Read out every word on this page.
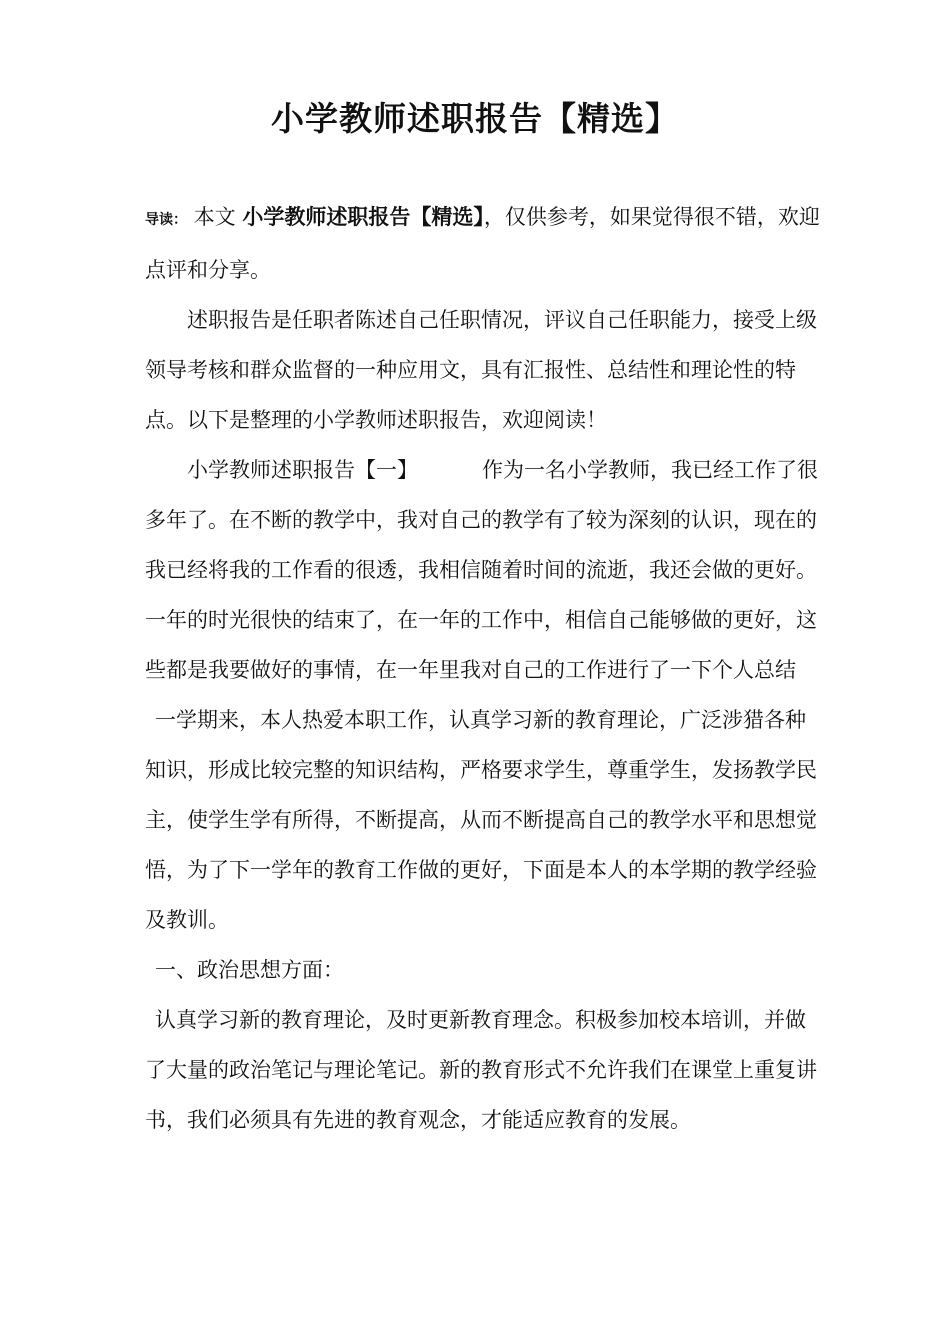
小学教师述职报告【精选】

导读： 本文 小学教师述职报告【精选】，仅供参考，如果觉得很不错，欢迎点评和分享。

述职报告是任职者陈述自己任职情况，评议自己任职能力，接受上级领导考核和群众监督的一种应用文，具有汇报性、总结性和理论性的特点。以下是整理的小学教师述职报告，欢迎阅读！

小学教师述职报告【一】	作为一名小学教师，我已经工作了很多年了。在不断的教学中，我对自己的教学有了较为深刻的认识，现在的我已经将我的工作看的很透，我相信随着时间的流逝，我还会做的更好。一年的时光很快的结束了，在一年的工作中，相信自己能够做的更好，这些都是我要做好的事情，在一年里我对自己的工作进行了一下个人总结

一学期来，本人热爱本职工作，认真学习新的教育理论，广泛涉猎各种知识，形成比较完整的知识结构，严格要求学生，尊重学生，发扬教学民主，使学生学有所得，不断提高，从而不断提高自己的教学水平和思想觉悟，为了下一学年的教育工作做的更好，下面是本人的本学期的教学经验及教训。

一、政治思想方面：

认真学习新的教育理论，及时更新教育理念。积极参加校本培训，并做了大量的政治笔记与理论笔记。新的教育形式不允许我们在课堂上重复讲书，我们必须具有先进的教育观念，才能适应教育的发展。
